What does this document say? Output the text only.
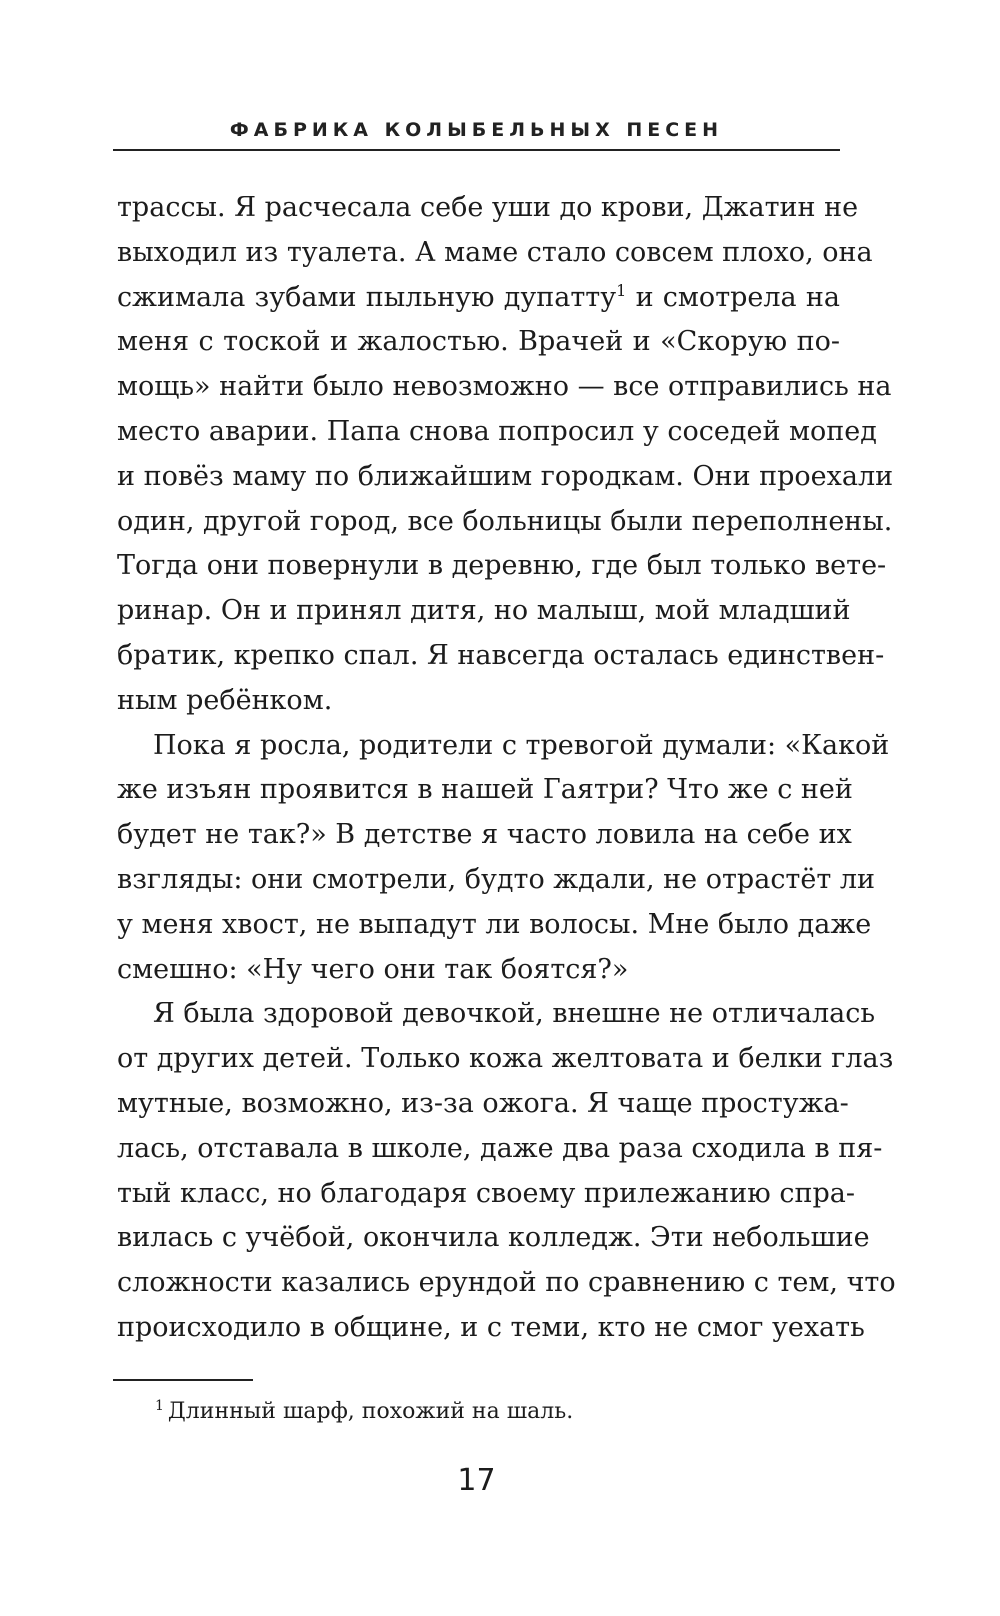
ФАБРИКА КОЛЫБЕЛЬНЫХ ПЕСЕН
трассы. Я расчесала себе уши до крови, Джатин не
выходил из туалета. А маме стало совсем плохо, она
сжимала зубами пыльную дупатту$^1$ и смотрела на
меня с тоской и жалостью. Врачей и «Скорую по-
мощь» найти было невозможно — все отправились на
место аварии. Папа снова попросил у соседей мопед
и повёз маму по ближайшим городкам. Они проехали
один, другой город, все больницы были переполнены.
Тогда они повернули в деревню, где был только вете-
ринар. Он и принял дитя, но малыш, мой младший
братик, крепко спал. Я навсегда осталась единствен-
ным ребёнком.
Пока я росла, родители с тревогой думали: «Какой
же изъян проявится в нашей Гаятри? Что же с ней
будет не так?» В детстве я часто ловила на себе их
взгляды: они смотрели, будто ждали, не отрастёт ли
у меня хвост, не выпадут ли волосы. Мне было даже
смешно: «Ну чего они так боятся?»
Я была здоровой девочкой, внешне не отличалась
от других детей. Только кожа желтовата и белки глаз
мутные, возможно, из-за ожога. Я чаще простужа-
лась, отставала в школе, даже два раза сходила в пя-
тый класс, но благодаря своему прилежанию спра-
вилась с учёбой, окончила колледж. Эти небольшие
сложности казались ерундой по сравнению с тем, что
происходило в общине, и с теми, кто не смог уехать
$^1$ Длинный шарф, похожий на шаль.
17
